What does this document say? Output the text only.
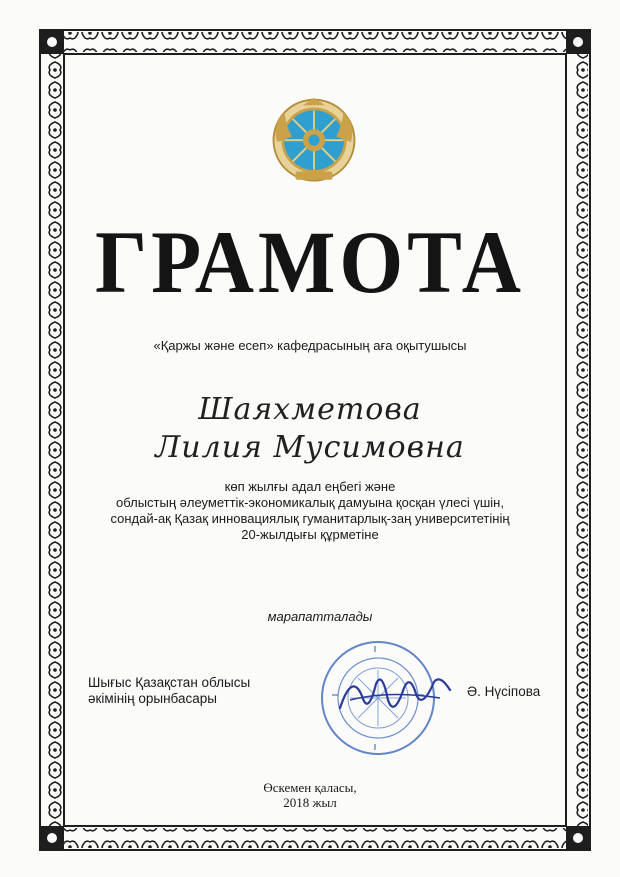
ГРАМОТА
«Қаржы және есеп» кафедрасының аға оқытушысы
Шаяхметова
Лилия Мусимовна
көп жылғы адал еңбегі және
облыстың әлеуметтік-экономикалық дамуына қосқан үлесі үшін,
сондай-ақ Қазақ инновациялық гуманитарлық-заң университетінің
20-жылдығы құрметіне
марапатталады
Шығыс Қазақстан облысы
әкімінің орынбасары	Ә. Нүсіпова
Өскемен қаласы,
2018 жыл
